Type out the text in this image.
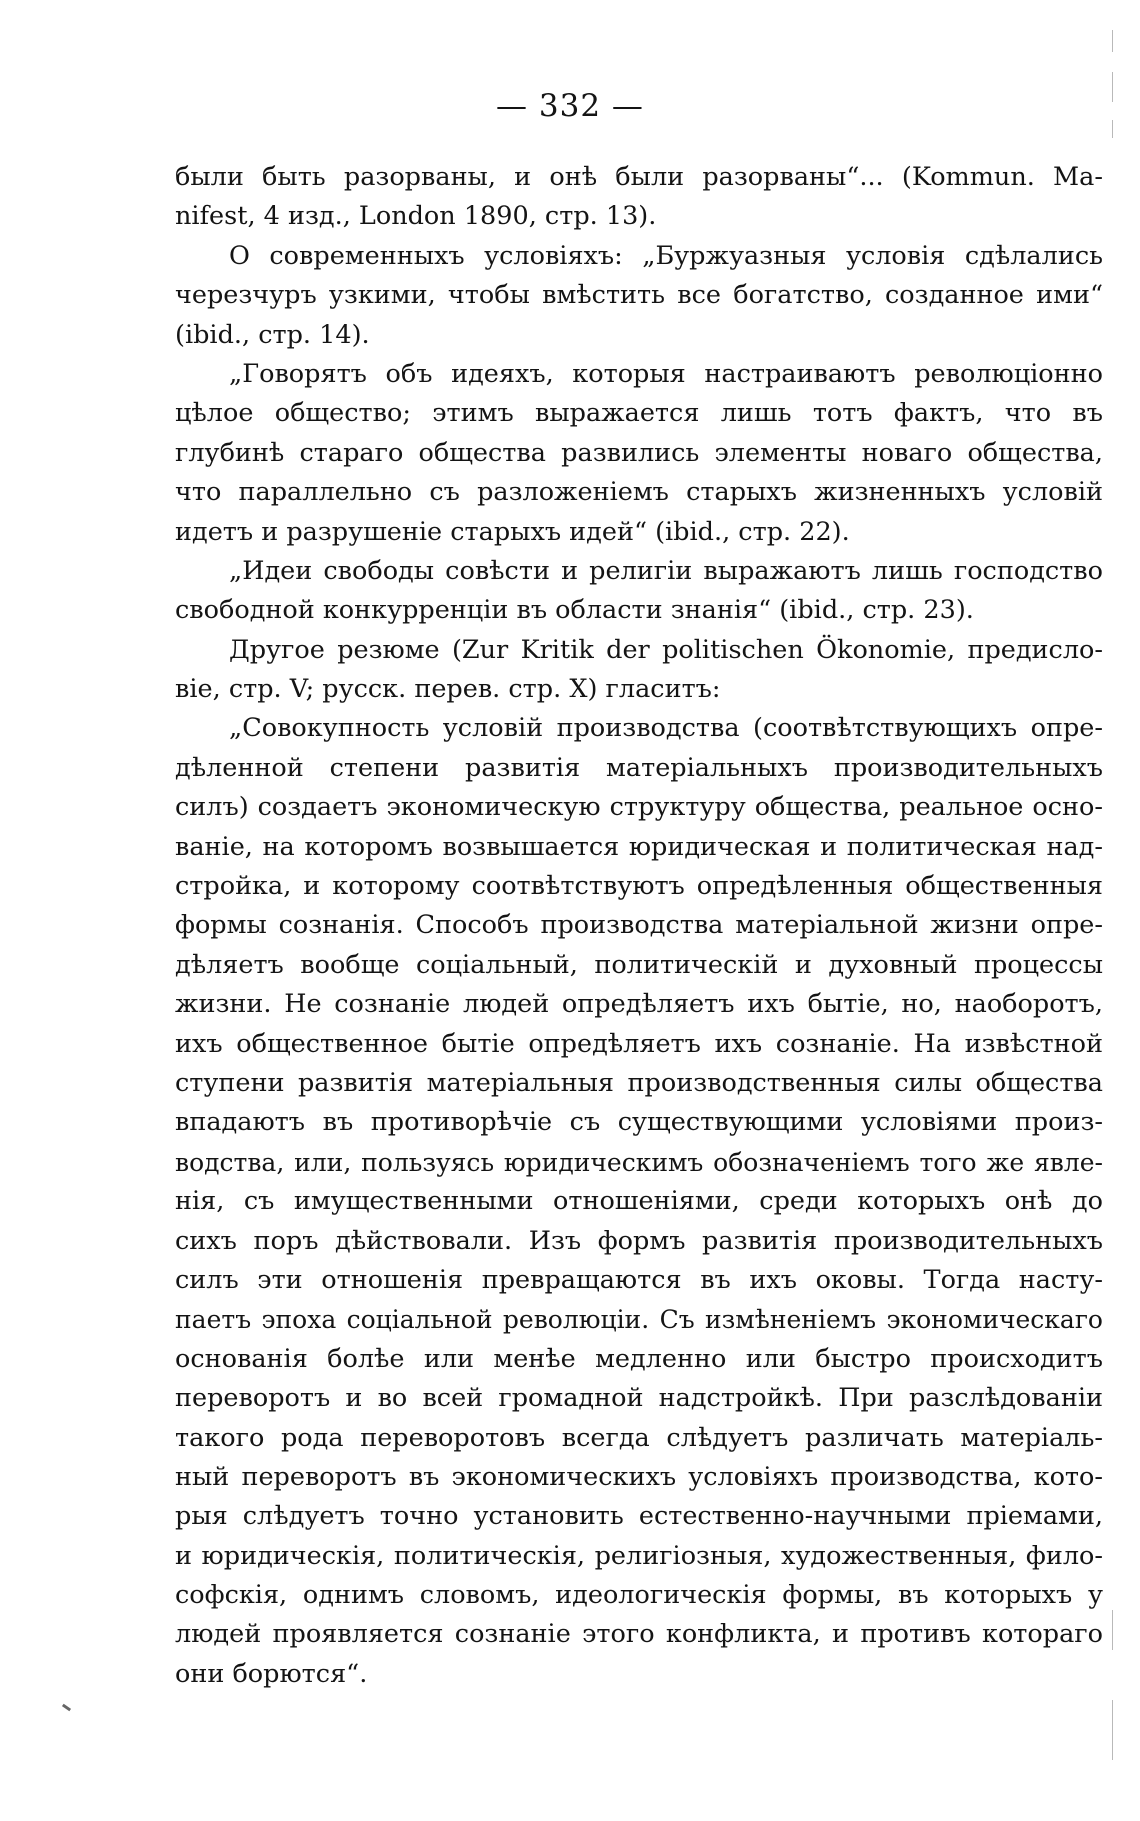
— 332 —
были быть разорваны, и онѣ были разорваны“... (Kommun. Ma-
nifest, 4 изд., London 1890, стр. 13).
О современныхъ условіяхъ: „Буржуазныя условія сдѣлались
черезчуръ узкими, чтобы вмѣстить все богатство, созданное ими“
(ibid., стр. 14).
„Говорятъ объ идеяхъ, которыя настраиваютъ революціонно
цѣлое общество; этимъ выражается лишь тотъ фактъ, что въ
глубинѣ стараго общества развились элементы новаго общества,
что параллельно съ разложеніемъ старыхъ жизненныхъ условій
идетъ и разрушеніе старыхъ идей“ (ibid., стр. 22).
„Идеи свободы совѣсти и религіи выражаютъ лишь господство
свободной конкурренціи въ области знанія“ (ibid., стр. 23).
Другое резюме (Zur Kritik der politischen Ökonomie, предисло-
віе, стр. V; русск. перев. стр. X) гласитъ:
„Совокупность условій производства (соотвѣтствующихъ опре-
дѣленной степени развитія матеріальныхъ производительныхъ
силъ) создаетъ экономическую структуру общества, реальное осно-
ваніе, на которомъ возвышается юридическая и политическая над-
стройка, и которому соотвѣтствуютъ опредѣленныя общественныя
формы сознанія. Способъ производства матеріальной жизни опре-
дѣляетъ вообще соціальный, политическій и духовный процессы
жизни. Не сознаніе людей опредѣляетъ ихъ бытіе, но, наоборотъ,
ихъ общественное бытіе опредѣляетъ ихъ сознаніе. На извѣстной
ступени развитія матеріальныя производственныя силы общества
впадаютъ въ противорѣчіе съ существующими условіями произ-
водства, или, пользуясь юридическимъ обозначеніемъ того же явле-
нія, съ имущественными отношеніями, среди которыхъ онѣ до
сихъ поръ дѣйствовали. Изъ формъ развитія производительныхъ
силъ эти отношенія превращаются въ ихъ оковы. Тогда насту-
паетъ эпоха соціальной революціи. Съ измѣненіемъ экономическаго
основанія болѣе или менѣе медленно или быстро происходитъ
переворотъ и во всей громадной надстройкѣ. При разслѣдованіи
такого рода переворотовъ всегда слѣдуетъ различать матеріаль-
ный переворотъ въ экономическихъ условіяхъ производства, кото-
рыя слѣдуетъ точно установить естественно-научными пріемами,
и юридическія, политическія, религіозныя, художественныя, фило-
софскія, однимъ словомъ, идеологическія формы, въ которыхъ у
людей проявляется сознаніе этого конфликта, и противъ котораго
они борются“.
